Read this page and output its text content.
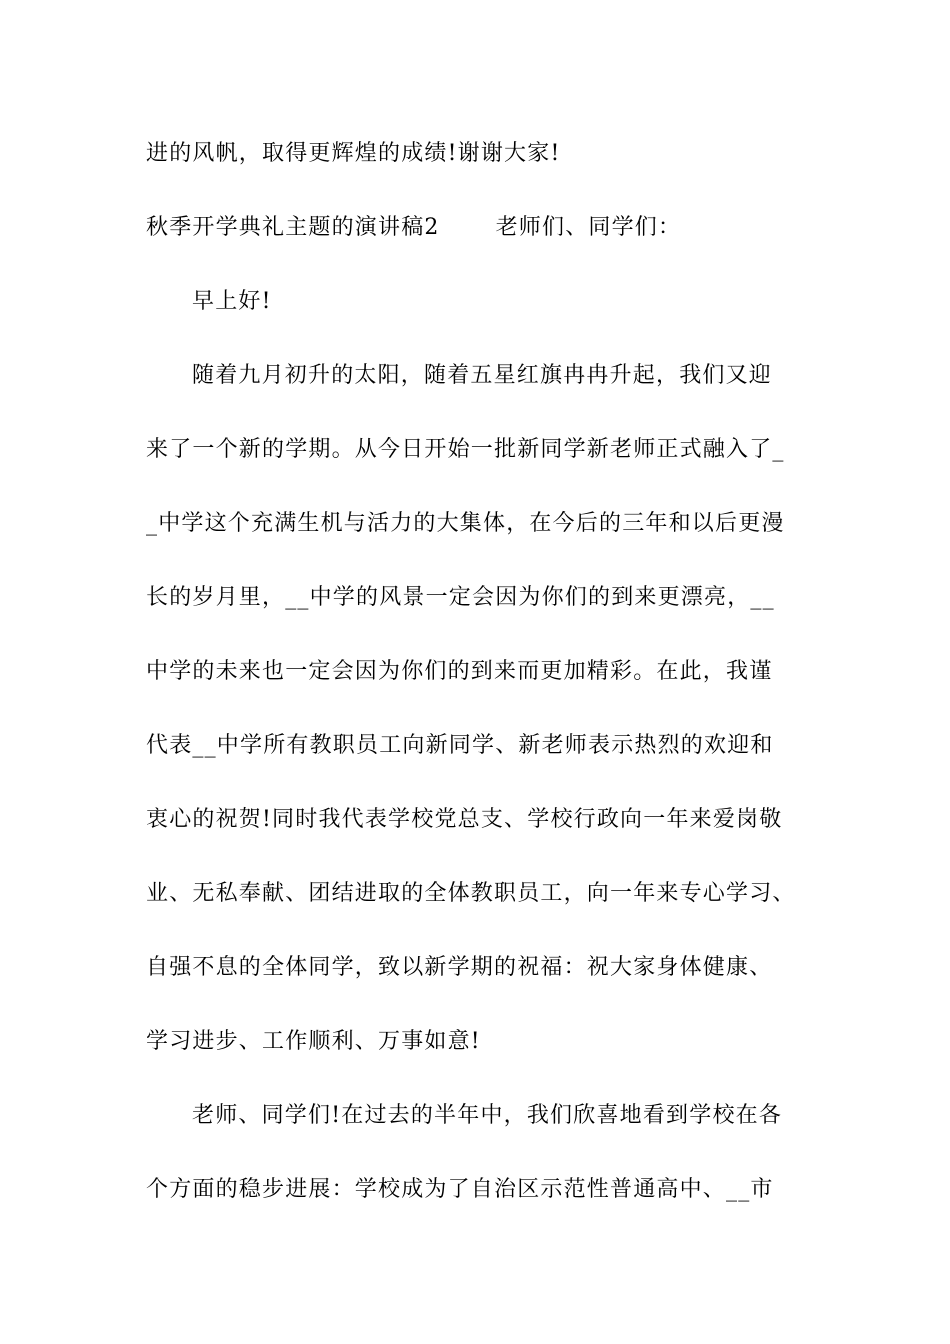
进的风帆，取得更辉煌的成绩!谢谢大家!
秋季开学典礼主题的演讲稿2	老师们、同学们：
早上好!
随着九月初升的太阳，随着五星红旗冉冉升起，我们又迎
来了一个新的学期。从今日开始一批新同学新老师正式融入了_
_中学这个充满生机与活力的大集体，在今后的三年和以后更漫
长的岁月里，__中学的风景一定会因为你们的到来更漂亮，__
中学的未来也一定会因为你们的到来而更加精彩。在此，我谨
代表__中学所有教职员工向新同学、新老师表示热烈的欢迎和
衷心的祝贺!同时我代表学校党总支、学校行政向一年来爱岗敬
业、无私奉献、团结进取的全体教职员工，向一年来专心学习、
自强不息的全体同学，致以新学期的祝福：祝大家身体健康、
学习进步、工作顺利、万事如意!
老师、同学们!在过去的半年中，我们欣喜地看到学校在各
个方面的稳步进展：学校成为了自治区示范性普通高中、__市
